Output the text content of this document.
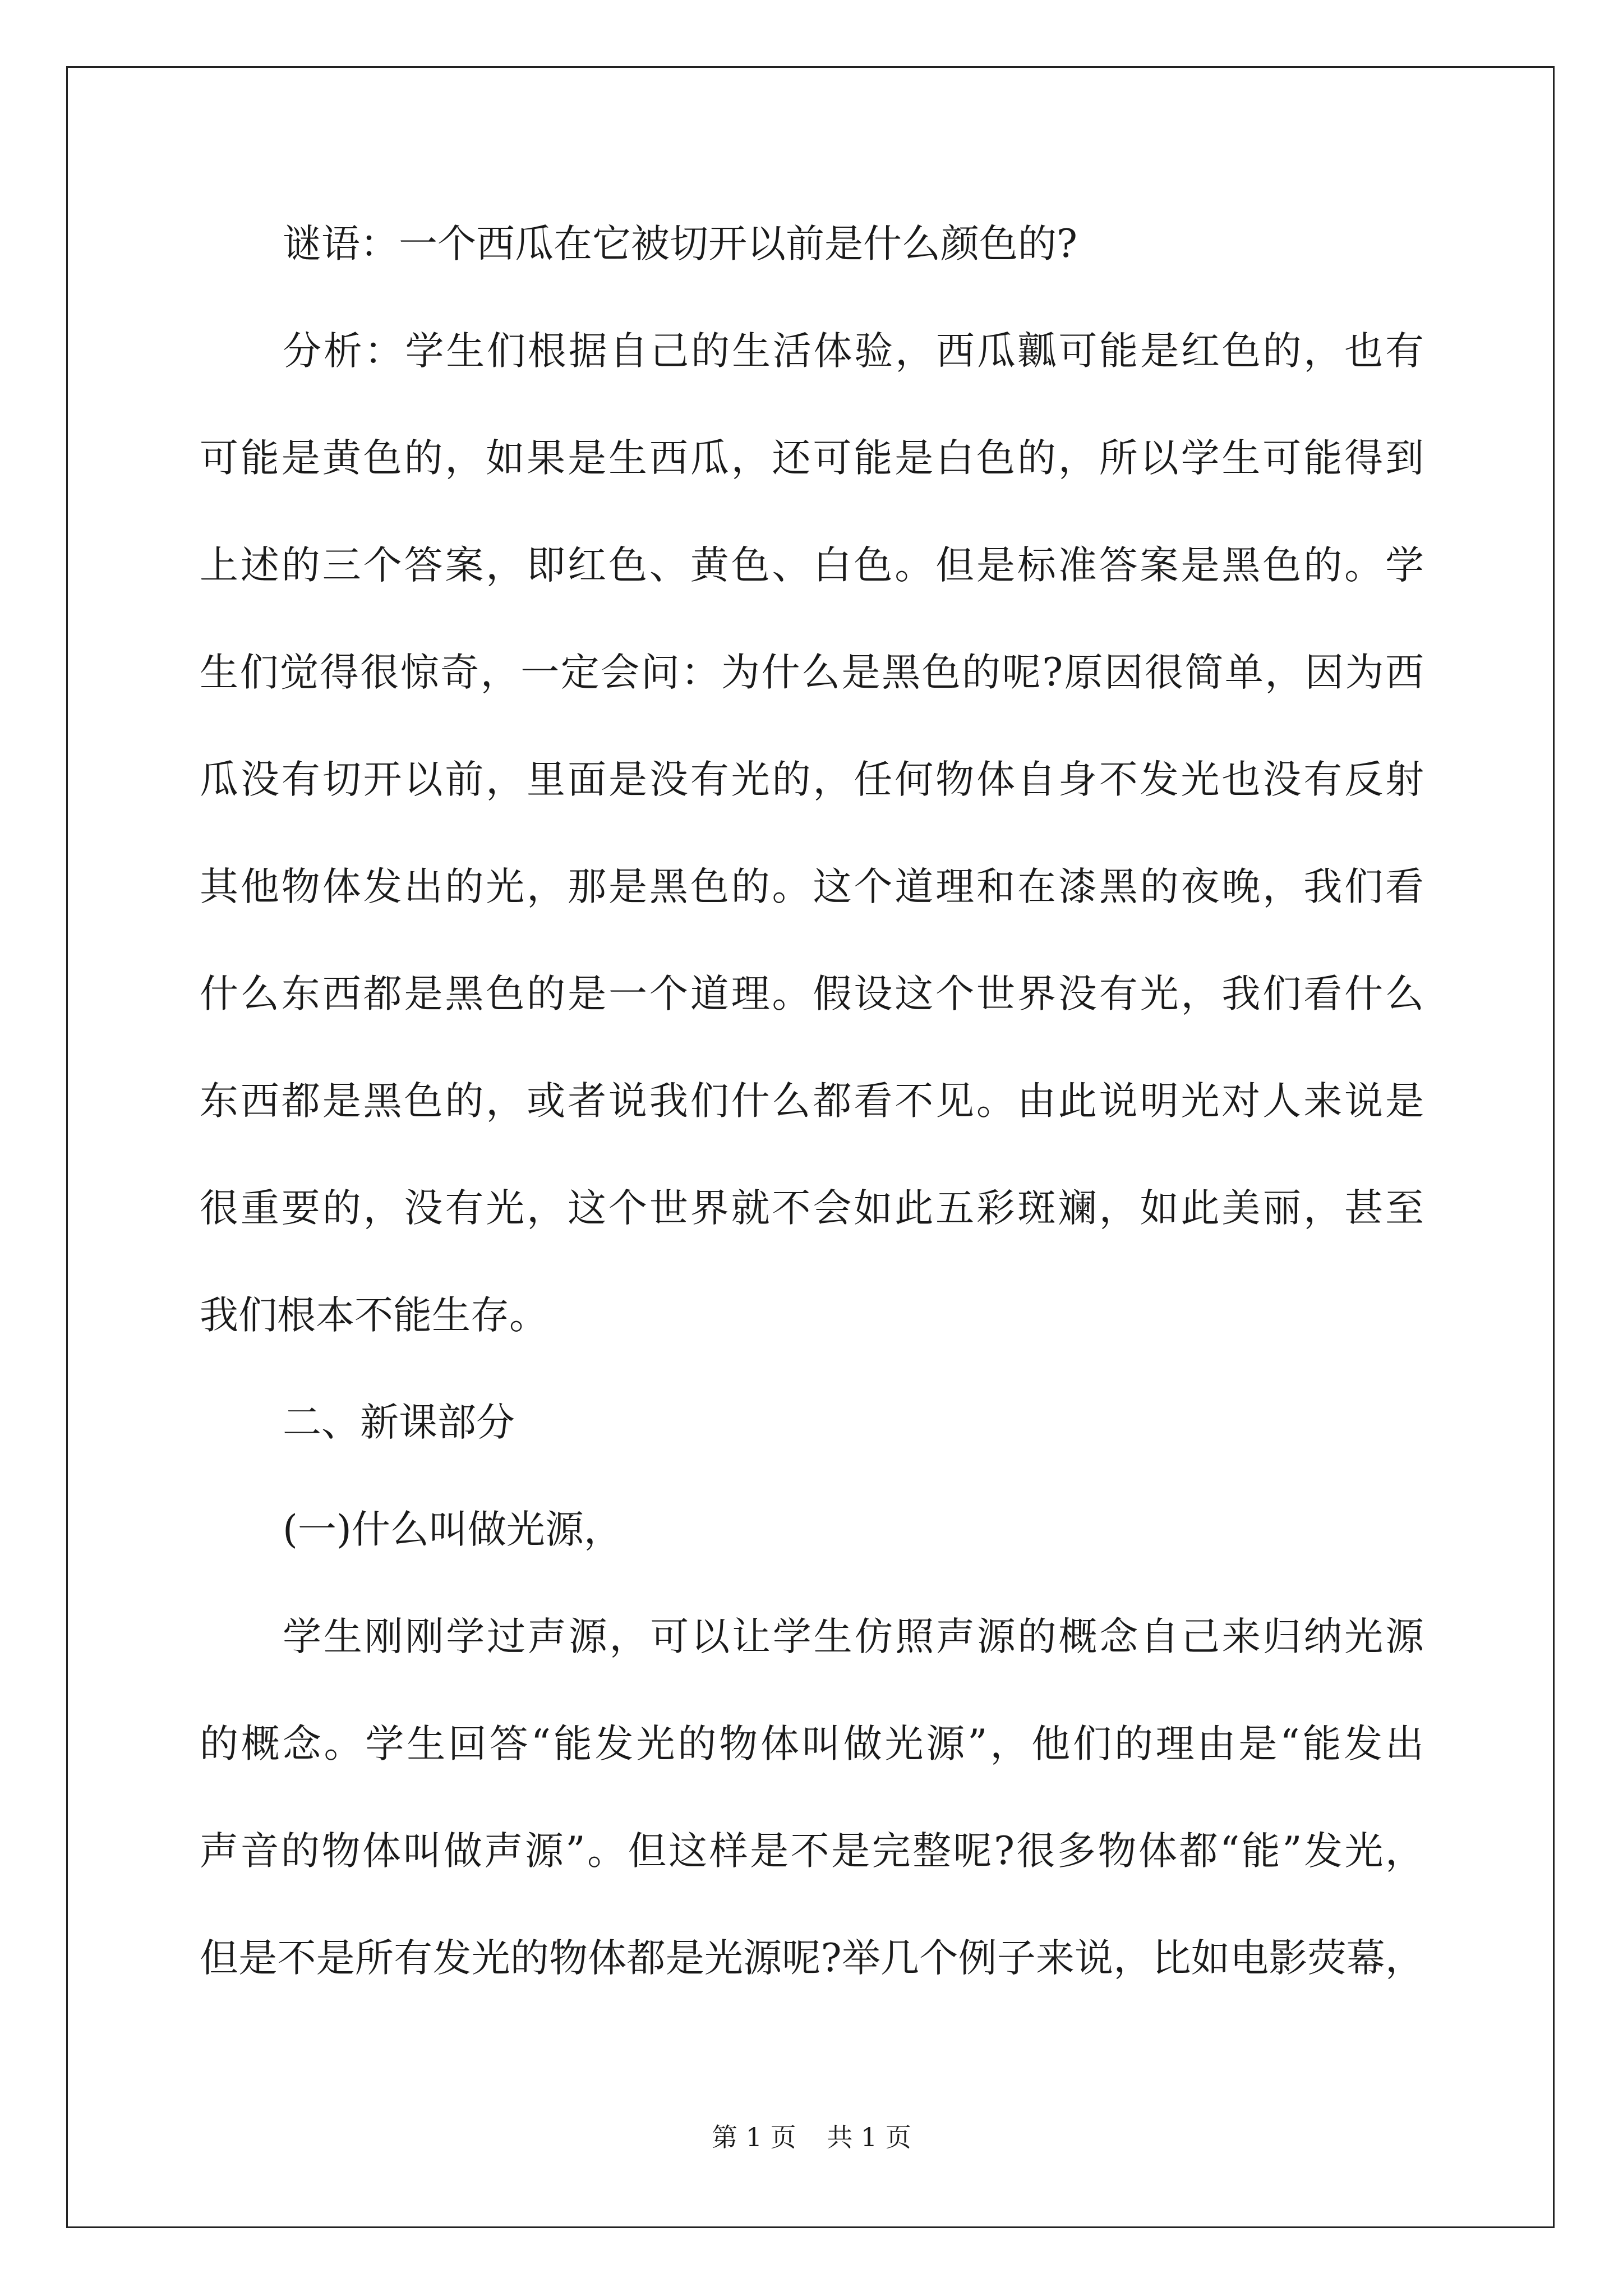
谜语：一个西瓜在它被切开以前是什么颜色的?
分析：学生们根据自己的生活体验，西瓜瓤可能是红色的，也有
可能是黄色的，如果是生西瓜，还可能是白色的，所以学生可能得到
上述的三个答案，即红色、黄色、白色。但是标准答案是黑色的。学
生们觉得很惊奇，一定会问：为什么是黑色的呢?原因很简单，因为西
瓜没有切开以前，里面是没有光的，任何物体自身不发光也没有反射
其他物体发出的光，那是黑色的。这个道理和在漆黑的夜晚，我们看
什么东西都是黑色的是一个道理。假设这个世界没有光，我们看什么
东西都是黑色的，或者说我们什么都看不见。由此说明光对人来说是
很重要的，没有光，这个世界就不会如此五彩斑斓，如此美丽，甚至
我们根本不能生存。
二、新课部分
(一)什么叫做光源，
学生刚刚学过声源，可以让学生仿照声源的概念自己来归纳光源
的概念。学生回答“能发光的物体叫做光源”，他们的理由是“能发出
声音的物体叫做声源”。但这样是不是完整呢?很多物体都“能”发光，
但是不是所有发光的物体都是光源呢?举几个例子来说，比如电影荧幕，
第 1 页 共 1 页
